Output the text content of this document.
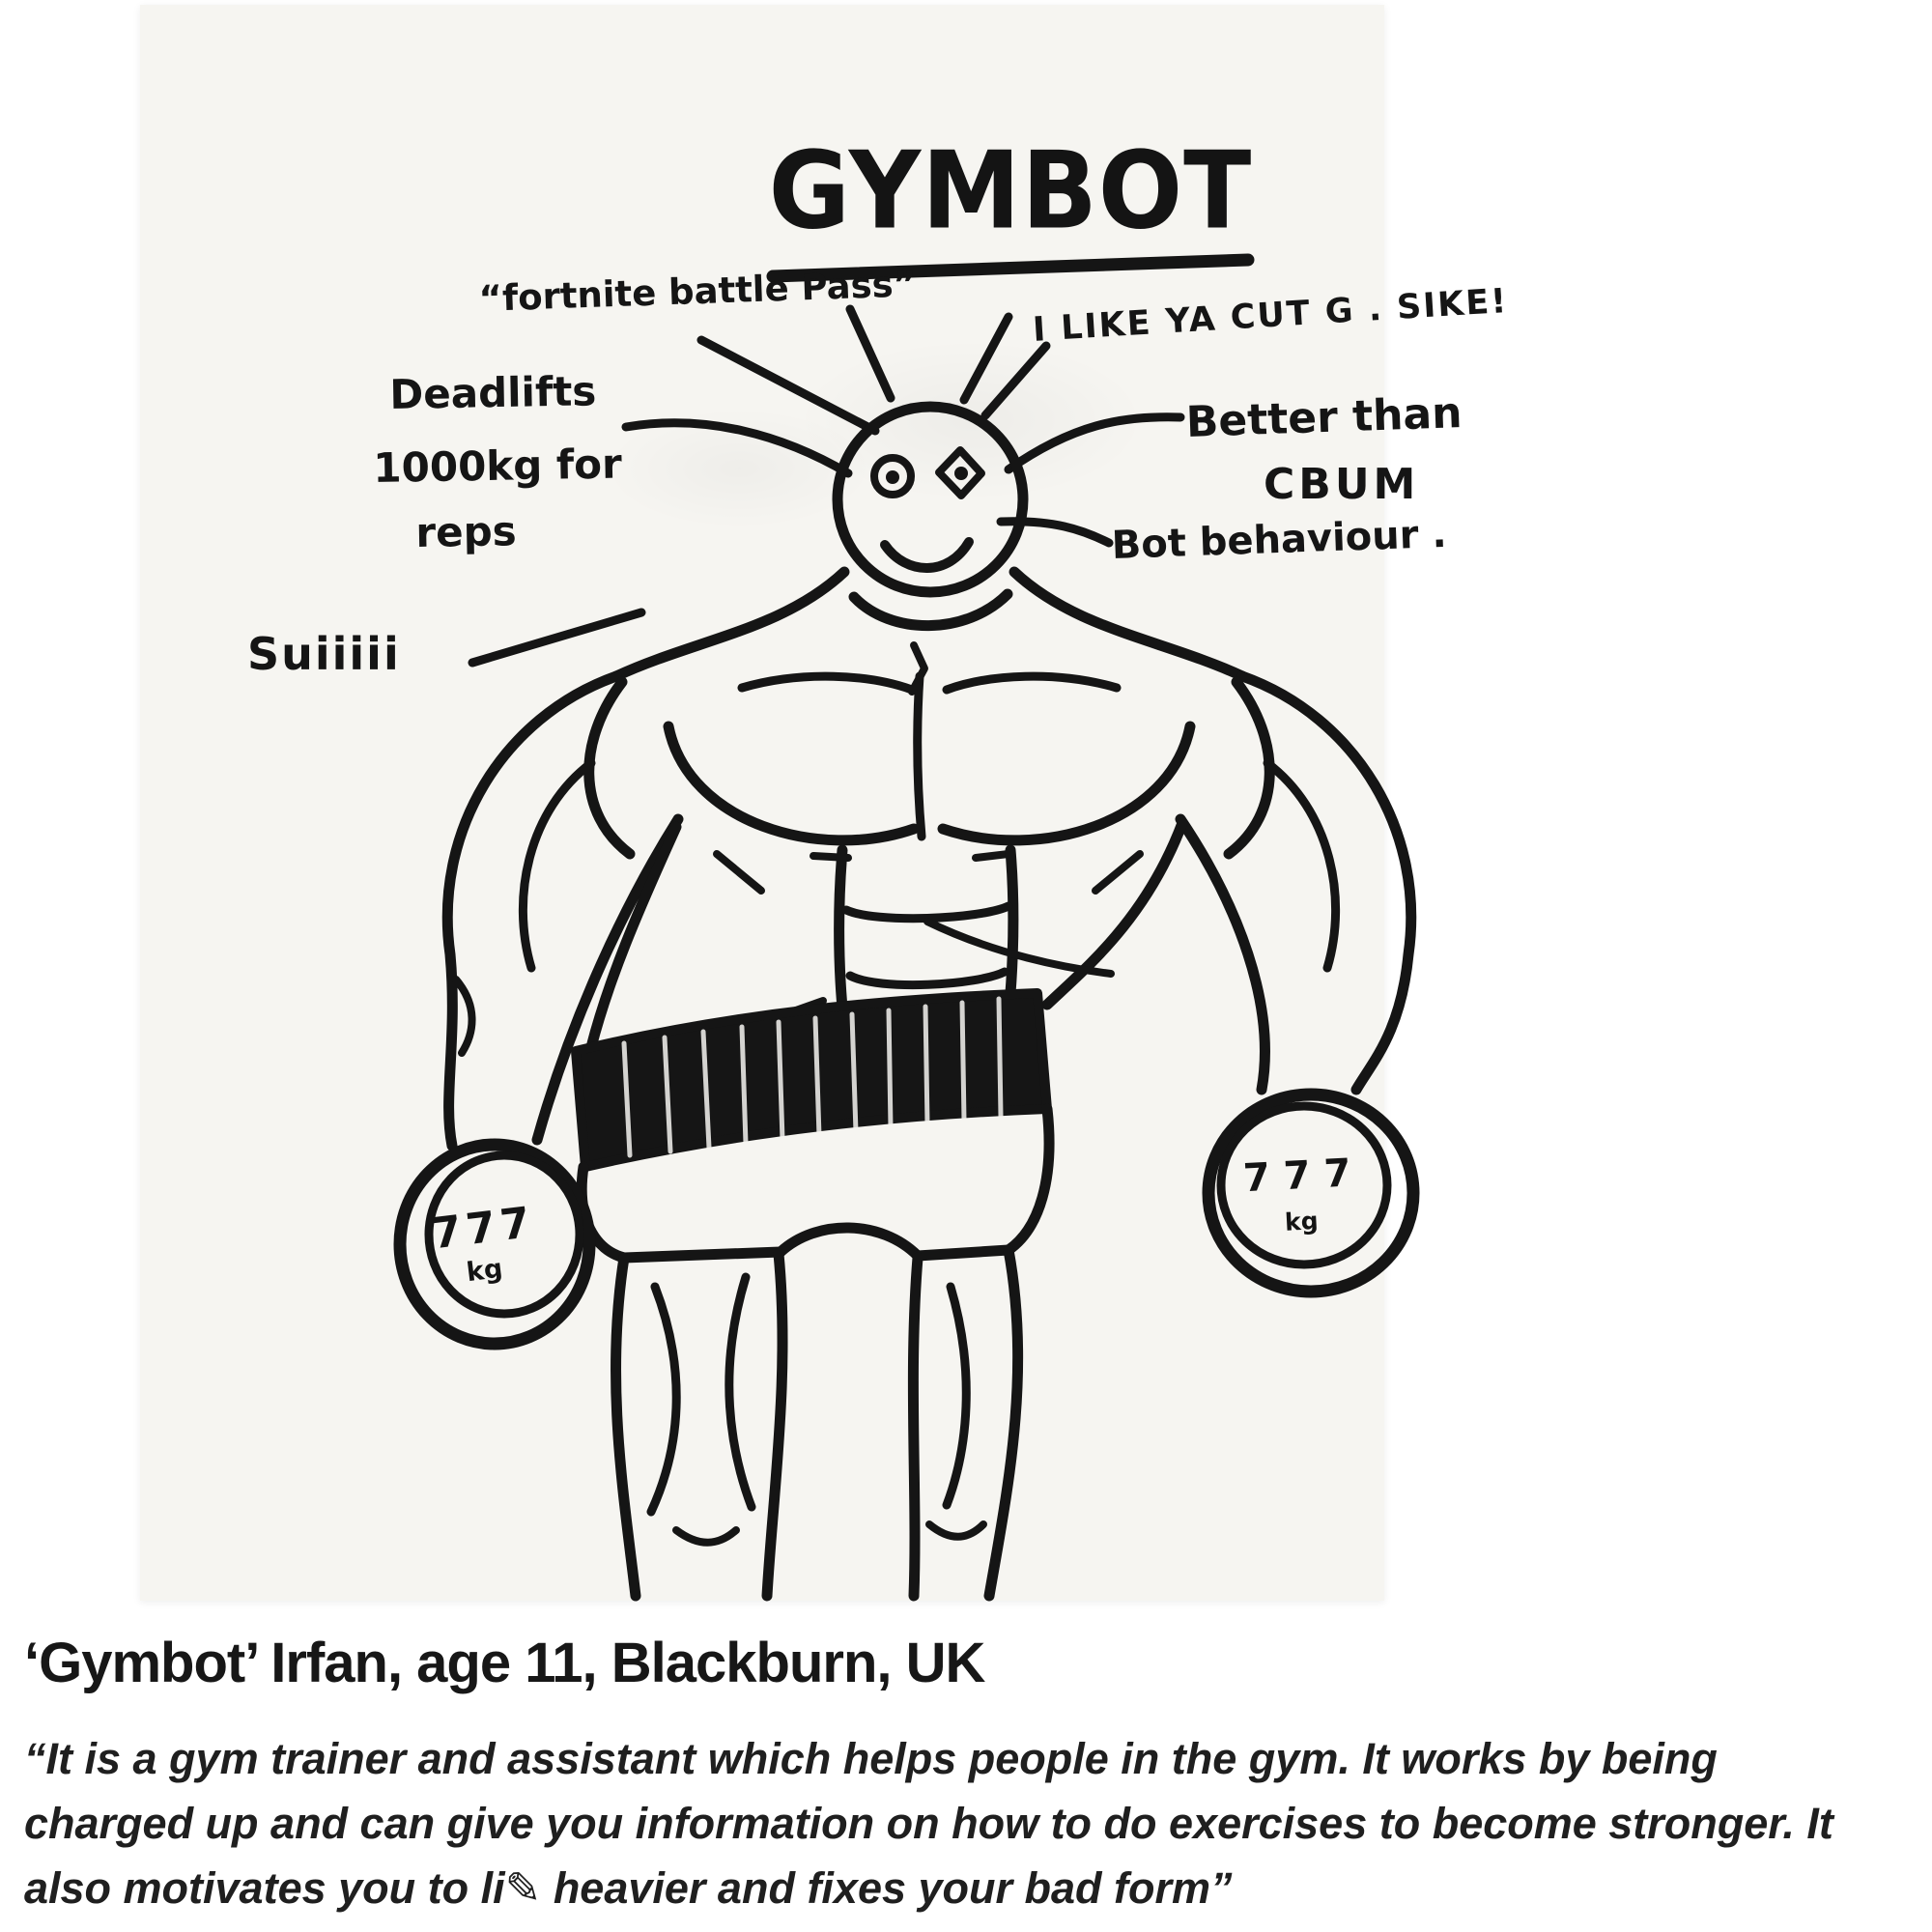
GYMBOT
“fortnite battle Pass”
Deadlifts
1000kg for
reps
I LIKE YA CUT G . SIKE!
Better than
CBUM
Bot behaviour .
Suiiiii
777
kg
777
kg
‘Gymbot’ Irfan, age 11, Blackburn, UK
“It is a gym trainer and assistant which helps people in the gym. It works by being
charged up and can give you information on how to do exercises to become stronger. It
also motivates you to li✎ heavier and fixes your bad form”
